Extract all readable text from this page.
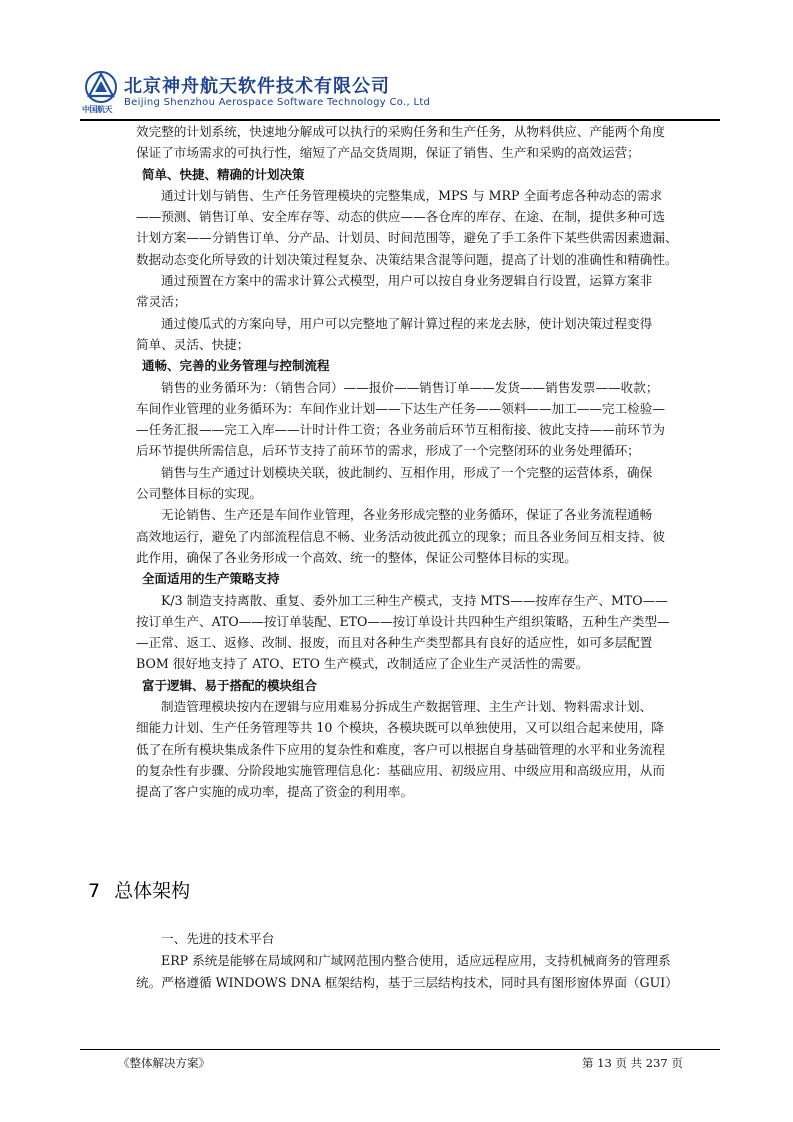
中国航天
北京神舟航天软件技术有限公司
Beijing Shenzhou Aerospace Software Technology Co., Ltd

效完整的计划系统，快速地分解成可以执行的采购任务和生产任务，从物料供应、产能两个角度

保证了市场需求的可执行性，缩短了产品交货周期，保证了销售、生产和采购的高效运营；

简单、快捷、精确的计划决策

通过计划与销售、生产任务管理模块的完整集成，MPS 与 MRP 全面考虑各种动态的需求

——预测、销售订单、安全库存等、动态的供应——各仓库的库存、在途、在制，提供多种可选

计划方案——分销售订单、分产品、计划员、时间范围等，避免了手工条件下某些供需因素遗漏、

数据动态变化所导致的计划决策过程复杂、决策结果含混等问题，提高了计划的准确性和精确性。

通过预置在方案中的需求计算公式模型，用户可以按自身业务逻辑自行设置，运算方案非

常灵活；

通过傻瓜式的方案向导，用户可以完整地了解计算过程的来龙去脉，使计划决策过程变得

简单、灵活、快捷；

通畅、完善的业务管理与控制流程

销售的业务循环为：（销售合同）——报价——销售订单——发货——销售发票——收款；

车间作业管理的业务循环为：车间作业计划——下达生产任务——领料——加工——完工检验—

—任务汇报——完工入库——计时计件工资；各业务前后环节互相衔接、彼此支持——前环节为

后环节提供所需信息，后环节支持了前环节的需求，形成了一个完整闭环的业务处理循环；

销售与生产通过计划模块关联，彼此制约、互相作用，形成了一个完整的运营体系，确保

公司整体目标的实现。

无论销售、生产还是车间作业管理，各业务形成完整的业务循环，保证了各业务流程通畅

高效地运行，避免了内部流程信息不畅、业务活动彼此孤立的现象；而且各业务间互相支持、彼

此作用，确保了各业务形成一个高效、统一的整体，保证公司整体目标的实现。

全面适用的生产策略支持

K/3 制造支持离散、重复、委外加工三种生产模式，支持 MTS——按库存生产、MTO——

按订单生产、ATO——按订单装配、ETO——按订单设计共四种生产组织策略，五种生产类型—

—正常、返工、返修、改制、报废，而且对各种生产类型都具有良好的适应性，如可多层配置

BOM 很好地支持了 ATO、ETO 生产模式，改制适应了企业生产灵活性的需要。

富于逻辑、易于搭配的模块组合

制造管理模块按内在逻辑与应用难易分拆成生产数据管理、主生产计划、物料需求计划、

细能力计划、生产任务管理等共 10 个模块，各模块既可以单独使用，又可以组合起来使用，降

低了在所有模块集成条件下应用的复杂性和难度，客户可以根据自身基础管理的水平和业务流程

的复杂性有步骤、分阶段地实施管理信息化：基础应用、初级应用、中级应用和高级应用，从而

提高了客户实施的成功率，提高了资金的利用率。

7 总体架构

一、先进的技术平台

ERP 系统是能够在局域网和广域网范围内整合使用，适应远程应用，支持机械商务的管理系

统。严格遵循 WINDOWS DNA 框架结构，基于三层结构技术，同时具有图形窗体界面（GUI）

《整体解决方案》	第 13 页 共 237 页
